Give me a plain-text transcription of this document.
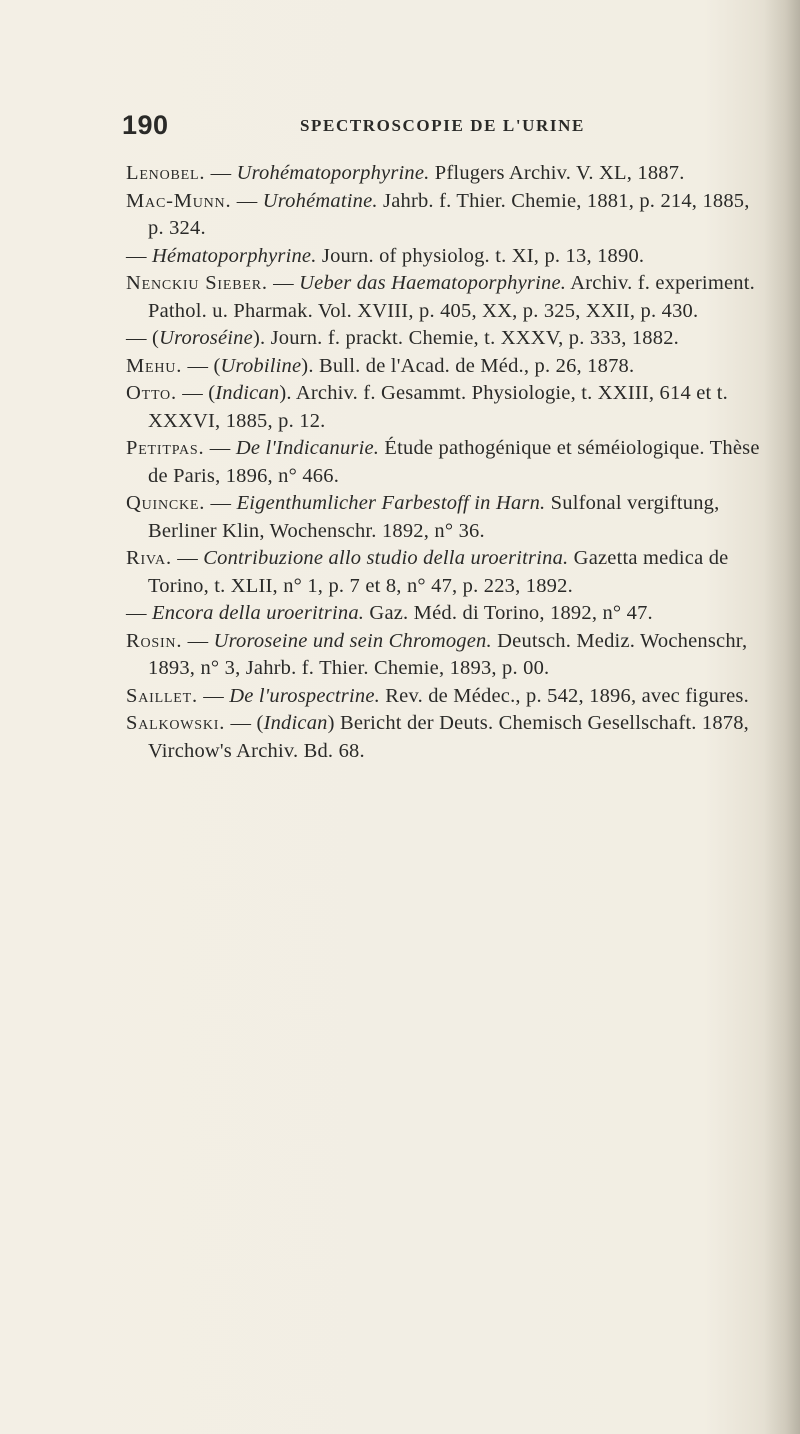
190	SPECTROSCOPIE DE L'URINE

Lenobel. — Urohématoporphyrine. Pflugers Archiv. V. XL, 1887.

Mac-Munn. — Urohématine. Jahrb. f. Thier. Chemie, 1881, p. 214, 1885, p. 324.

— Hématoporphyrine. Journ. of physiolog. t. XI, p. 13, 1890.

Nenckiu Sieber. — Ueber das Haematoporphyrine. Archiv. f. experiment. Pathol. u. Pharmak. Vol. XVIII, p. 405, XX, p. 325, XXII, p. 430.

— (Uroroséine). Journ. f. prackt. Chemie, t. XXXV, p. 333, 1882.

Mehu. — (Urobiline). Bull. de l'Acad. de Méd., p. 26, 1878.

Otto. — (Indican). Archiv. f. Gesammt. Physiologie, t. XXIII, 614 et t. XXXVI, 1885, p. 12.

Petitpas. — De l'Indicanurie. Étude pathogénique et séméiologique. Thèse de Paris, 1896, n° 466.

Quincke. — Eigenthumlicher Farbestoff in Harn. Sulfonal vergiftung, Berliner Klin, Wochenschr. 1892, n° 36.

Riva. — Contribuzione allo studio della uroeritrina. Gazetta medica de Torino, t. XLII, n° 1, p. 7 et 8, n° 47, p. 223, 1892.

— Encora della uroeritrina. Gaz. Méd. di Torino, 1892, n° 47.

Rosin. — Uroroseine und sein Chromogen. Deutsch. Mediz. Wochenschr, 1893, n° 3, Jahrb. f. Thier. Chemie, 1893, p. 00.

Saillet. — De l'urospectrine. Rev. de Médec., p. 542, 1896, avec figures.

Salkowski. — (Indican) Bericht der Deuts. Chemisch Gesellschaft. 1878, Virchow's Archiv. Bd. 68.
